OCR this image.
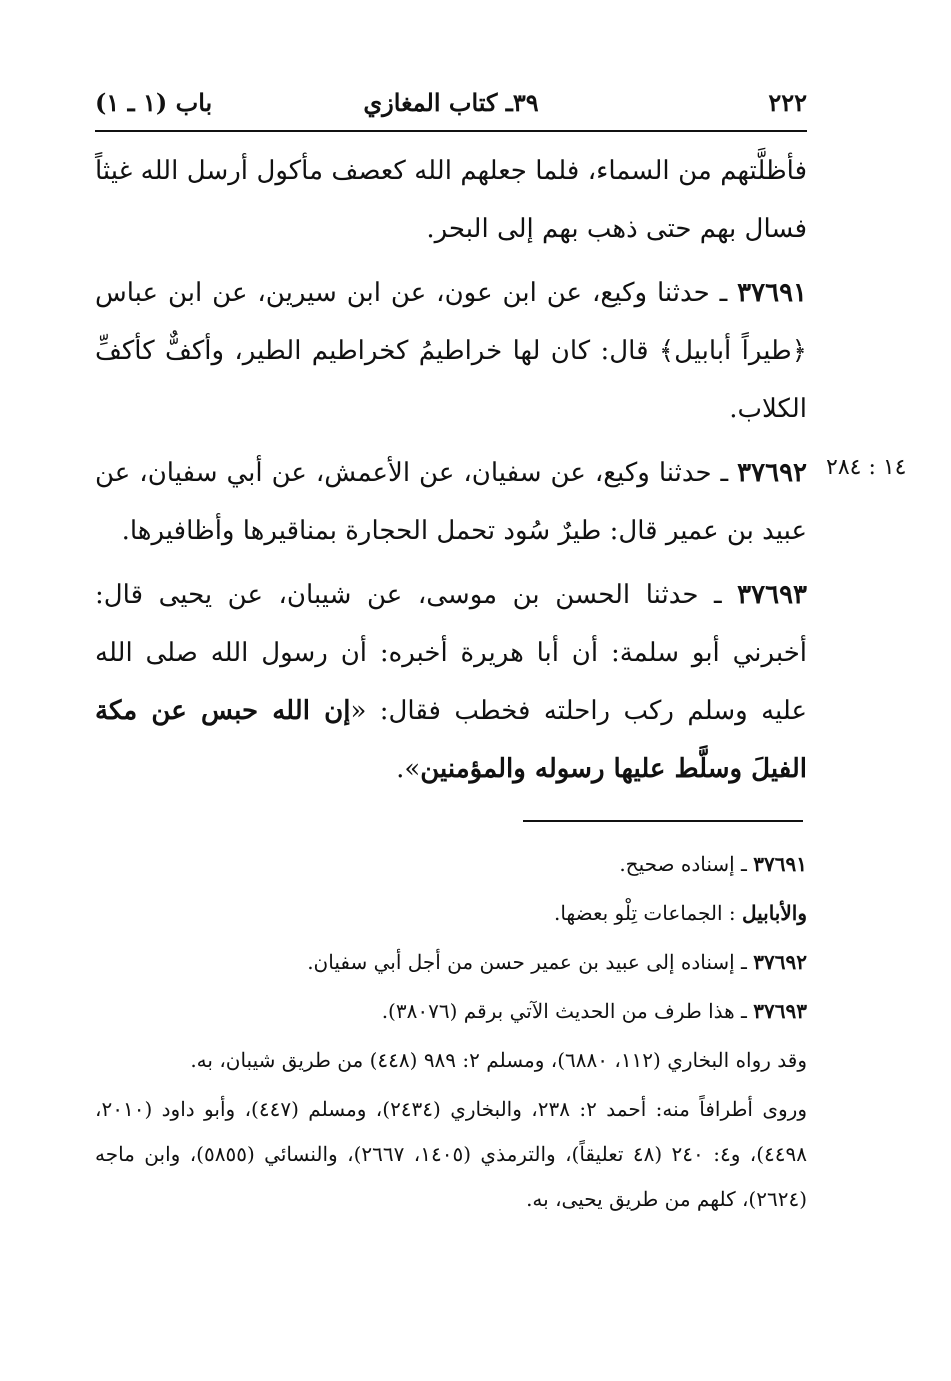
٢٢٢
٣٩ـ كتاب المغازي
باب (١ ـ ١)

فأظلَّتهم من السماء، فلما جعلهم الله كعصف مأكول أرسل الله غيثاً فسال بهم حتى ذهب بهم إلى البحر.

٣٧٦٩١ ـ حدثنا وكيع، عن ابن عون، عن ابن سيرين، عن ابن عباس ﴿طيراً أبابيل﴾ قال: كان لها خراطيمُ كخراطيم الطير، وأكفٌّ كأكفِّ الكلاب.

٣٧٦٩٢ ـ حدثنا وكيع، عن سفيان، عن الأعمش، عن أبي سفيان، عن عبيد بن عمير قال: طيرٌ سُود تحمل الحجارة بمناقيرها وأظافيرها.

٣٧٦٩٣ ـ حدثنا الحسن بن موسى، عن شيبان، عن يحيى قال: أخبرني أبو سلمة: أن أبا هريرة أخبره: أن رسول الله صلى الله عليه وسلم ركب راحلته فخطب فقال: «إن الله حبس عن مكة الفيلَ وسلَّط عليها رسوله والمؤمنين».

١٤ : ٢٨٤

٣٧٦٩١ ـ إسناده صحيح.

والأبابيل : الجماعات تِلْو بعضها.

٣٧٦٩٢ ـ إسناده إلى عبيد بن عمير حسن من أجل أبي سفيان.

٣٧٦٩٣ ـ هذا طرف من الحديث الآتي برقم (٣٨٠٧٦).

وقد رواه البخاري (١١٢، ٦٨٨٠)، ومسلم ٢: ٩٨٩ (٤٤٨) من طريق شيبان، به.

وروى أطرافاً منه: أحمد ٢: ٢٣٨، والبخاري (٢٤٣٤)، ومسلم (٤٤٧)، وأبو داود (٢٠١٠، ٤٤٩٨)، و٤: ٢٤٠ (٤٨ تعليقاً)، والترمذي (١٤٠٥، ٢٦٦٧)، والنسائي (٥٨٥٥)، وابن ماجه (٢٦٢٤)، كلهم من طريق يحيى، به.
